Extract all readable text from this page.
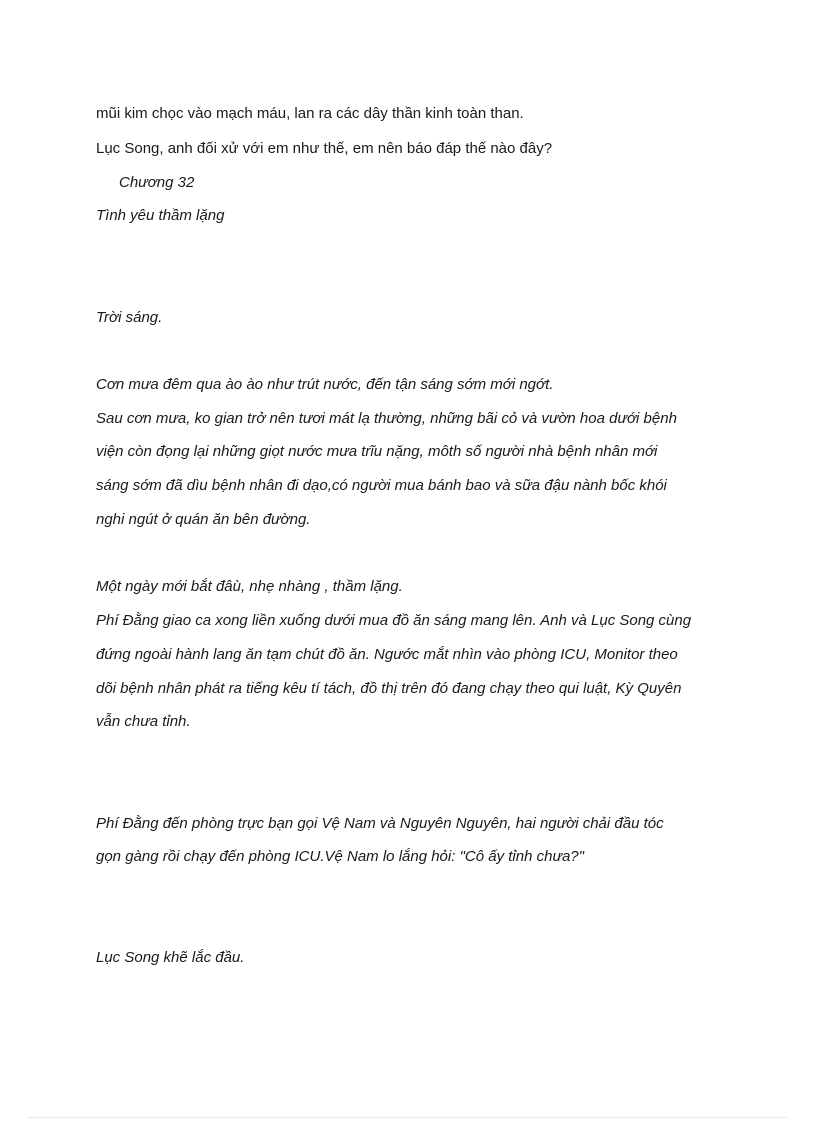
mũi kim chọc vào mạch máu, lan ra các dây thần kinh toàn than.
Lục Song, anh đối xử với em như thế, em nên báo đáp thế nào đây?
Chương 32
Tình yêu thầm lặng
Trời sáng.
Cơn mưa đêm qua ào ào như trút nước, đến tận sáng sớm mới ngớt.
Sau cơn mưa, ko gian trở nên tươi mát lạ thường, những bãi cỏ và vườn hoa dưới bệnh
viện còn đọng lại những giọt nước mưa trĩu nặng, môth số người nhà bệnh nhân mới
sáng sớm đã dìu bệnh nhân đi dạo,có người mua bánh bao và sữa đậu nành bốc khói
nghi ngút ở quán ăn bên đường.
Một ngày mới bắt đâù, nhẹ nhàng , thầm lặng.
Phí Đằng giao ca xong liền xuống dưới mua đồ ăn sáng mang lên. Anh và Lục Song cùng
đứng ngoài hành lang ăn tạm chút đồ ăn. Ngước mắt nhìn vào phòng ICU, Monitor theo
dõi bệnh nhân phát ra tiếng kêu tí tách, đồ thị trên đó đang chạy theo qui luật, Kỳ Quyên
vẫn chưa tỉnh.
Phí Đằng đến phòng trực bạn gọi Vệ Nam và Nguyên Nguyên, hai người chải đầu tóc
gọn gàng rồi chạy đến phòng ICU.Vệ Nam lo lắng hỏi: "Cô ấy tỉnh chưa?"
Lục Song khẽ lắc đầu.
